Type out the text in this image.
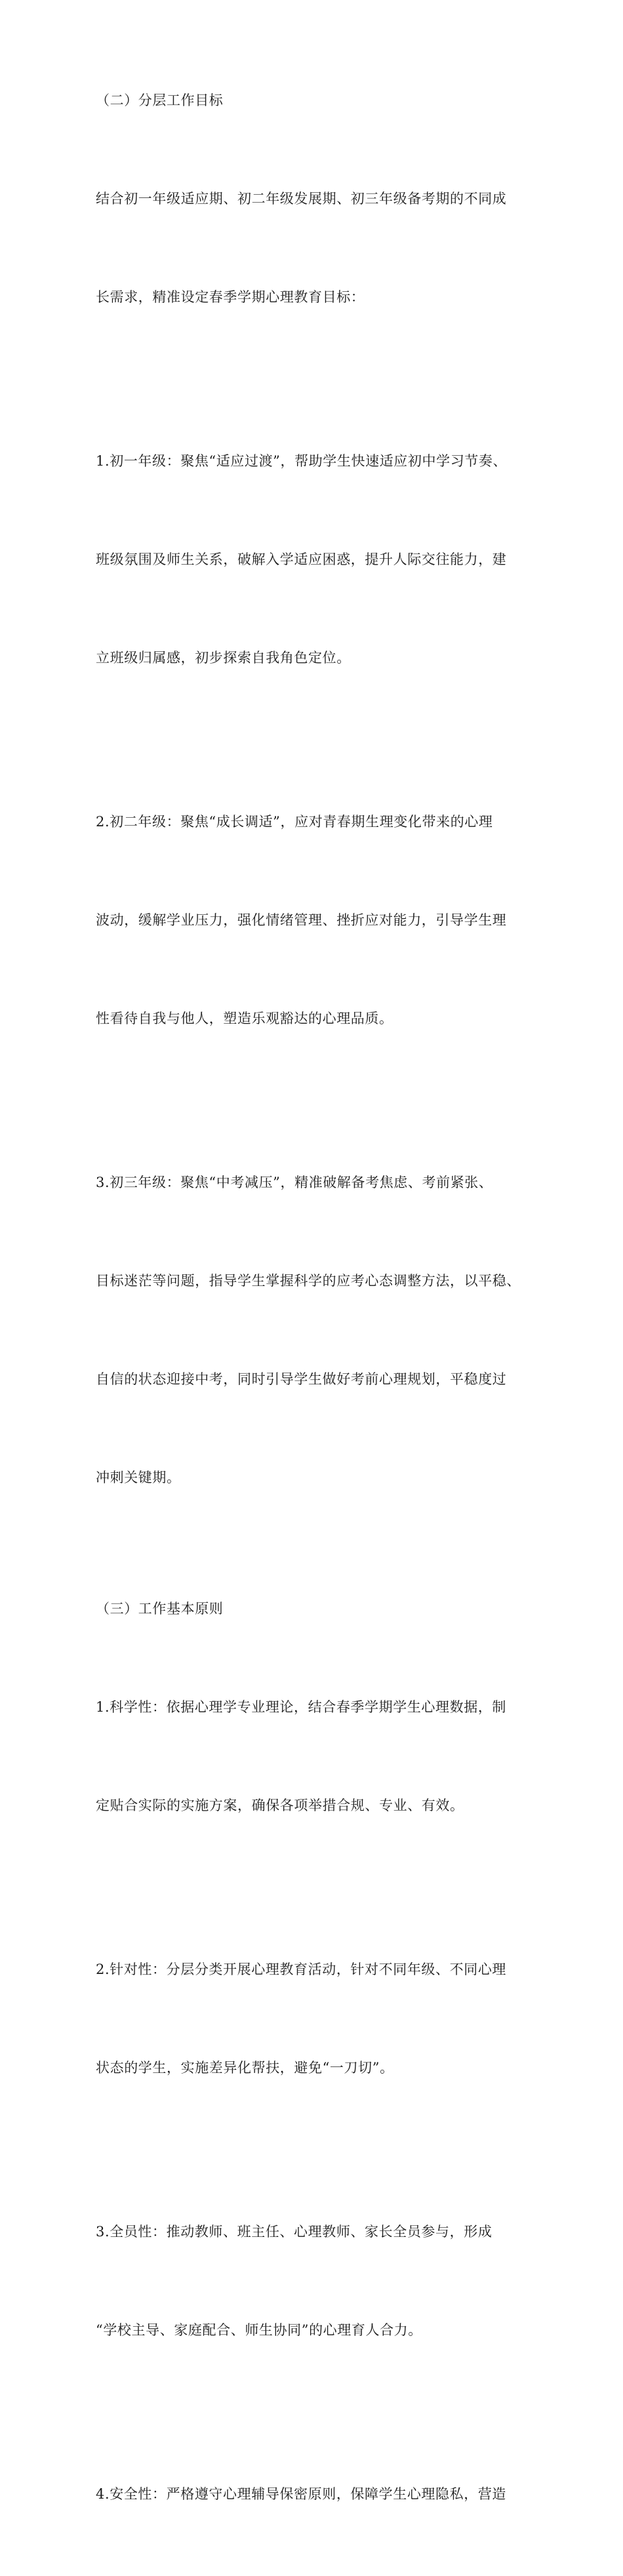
（二）分层工作目标

结合初一年级适应期、初二年级发展期、初三年级备考期的不同成

长需求，精准设定春季学期心理教育目标：

1.初一年级：聚焦“适应过渡”，帮助学生快速适应初中学习节奏、

班级氛围及师生关系，破解入学适应困惑，提升人际交往能力，建

立班级归属感，初步探索自我角色定位。

2.初二年级：聚焦“成长调适”，应对青春期生理变化带来的心理

波动，缓解学业压力，强化情绪管理、挫折应对能力，引导学生理

性看待自我与他人，塑造乐观豁达的心理品质。

3.初三年级：聚焦“中考减压”，精准破解备考焦虑、考前紧张、

目标迷茫等问题，指导学生掌握科学的应考心态调整方法，以平稳、

自信的状态迎接中考，同时引导学生做好考前心理规划，平稳度过

冲刺关键期。

（三）工作基本原则

1.科学性：依据心理学专业理论，结合春季学期学生心理数据，制

定贴合实际的实施方案，确保各项举措合规、专业、有效。

2.针对性：分层分类开展心理教育活动，针对不同年级、不同心理

状态的学生，实施差异化帮扶，避免“一刀切”。

3.全员性：推动教师、班主任、心理教师、家长全员参与，形成

“学校主导、家庭配合、师生协同”的心理育人合力。

4.安全性：严格遵守心理辅导保密原则，保障学生心理隐私，营造
